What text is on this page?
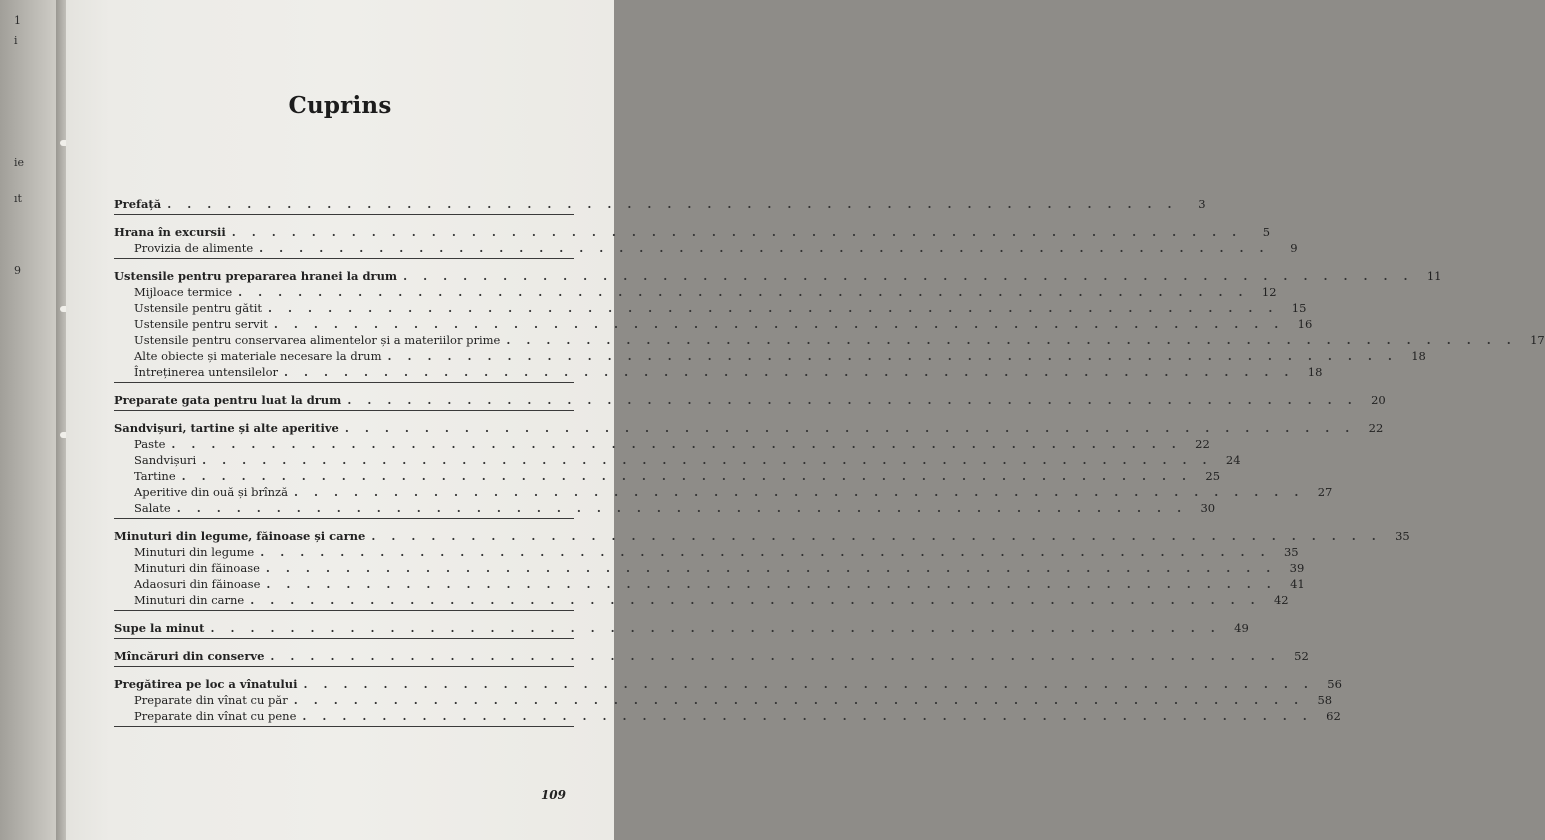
1
i
ie
ıt
9
Cuprins
Prefață . . . . . . . . . . . . . . . . . . . . . . . . . . . . . . . . . . . . . . . . . . . . . . . . . . .	3
Hrana în excursii . . . . . . . . . . . . . . . . . . . . . . . . . . . . . . . . . . . . . . . . . . . . . . . . . . .	5
Provizia de alimente . . . . . . . . . . . . . . . . . . . . . . . . . . . . . . . . . . . . . . . . . . . . . . . . . . .	9
Ustensile pentru prepararea hranei la drum . . . . . . . . . . . . . . . . . . . . . . . . . . . . . . . . . . . . . . . . . . . . . . . . . . .	11
Mijloace termice . . . . . . . . . . . . . . . . . . . . . . . . . . . . . . . . . . . . . . . . . . . . . . . . . . .	12
Ustensile pentru gătit . . . . . . . . . . . . . . . . . . . . . . . . . . . . . . . . . . . . . . . . . . . . . . . . . . .	15
Ustensile pentru servit . . . . . . . . . . . . . . . . . . . . . . . . . . . . . . . . . . . . . . . . . . . . . . . . . . .	16
Ustensile pentru conservarea alimentelor și a materiilor prime . . . . . . . . . . . . . . . . . . . . . . . . . . . . . . . . . . . . . . . . . . . . . . . . . . .	17
Alte obiecte și materiale necesare la drum . . . . . . . . . . . . . . . . . . . . . . . . . . . . . . . . . . . . . . . . . . . . . . . . . . .	18
Întreținerea untensilelor . . . . . . . . . . . . . . . . . . . . . . . . . . . . . . . . . . . . . . . . . . . . . . . . . . .	18
Preparate gata pentru luat la drum . . . . . . . . . . . . . . . . . . . . . . . . . . . . . . . . . . . . . . . . . . . . . . . . . . .	20
Sandvișuri, tartine și alte aperitive . . . . . . . . . . . . . . . . . . . . . . . . . . . . . . . . . . . . . . . . . . . . . . . . . . .	22
Paste . . . . . . . . . . . . . . . . . . . . . . . . . . . . . . . . . . . . . . . . . . . . . . . . . . .	22
Sandvișuri . . . . . . . . . . . . . . . . . . . . . . . . . . . . . . . . . . . . . . . . . . . . . . . . . . .	24
Tartine . . . . . . . . . . . . . . . . . . . . . . . . . . . . . . . . . . . . . . . . . . . . . . . . . . .	25
Aperitive din ouă și brînză . . . . . . . . . . . . . . . . . . . . . . . . . . . . . . . . . . . . . . . . . . . . . . . . . . .	27
Salate . . . . . . . . . . . . . . . . . . . . . . . . . . . . . . . . . . . . . . . . . . . . . . . . . . .	30
Minuturi din legume, făinoase și carne . . . . . . . . . . . . . . . . . . . . . . . . . . . . . . . . . . . . . . . . . . . . . . . . . . .	35
Minuturi din legume . . . . . . . . . . . . . . . . . . . . . . . . . . . . . . . . . . . . . . . . . . . . . . . . . . .	35
Minuturi din făinoase . . . . . . . . . . . . . . . . . . . . . . . . . . . . . . . . . . . . . . . . . . . . . . . . . . .	39
Adaosuri din făinoase . . . . . . . . . . . . . . . . . . . . . . . . . . . . . . . . . . . . . . . . . . . . . . . . . . .	41
Minuturi din carne . . . . . . . . . . . . . . . . . . . . . . . . . . . . . . . . . . . . . . . . . . . . . . . . . . .	42
Supe la minut . . . . . . . . . . . . . . . . . . . . . . . . . . . . . . . . . . . . . . . . . . . . . . . . . . .	49
Mîncăruri din conserve . . . . . . . . . . . . . . . . . . . . . . . . . . . . . . . . . . . . . . . . . . . . . . . . . . .	52
Pregătirea pe loc a vînatului . . . . . . . . . . . . . . . . . . . . . . . . . . . . . . . . . . . . . . . . . . . . . . . . . . .	56
Preparate din vînat cu păr . . . . . . . . . . . . . . . . . . . . . . . . . . . . . . . . . . . . . . . . . . . . . . . . . . .	58
Preparate din vînat cu pene . . . . . . . . . . . . . . . . . . . . . . . . . . . . . . . . . . . . . . . . . . . . . . . . . . .	62
109
